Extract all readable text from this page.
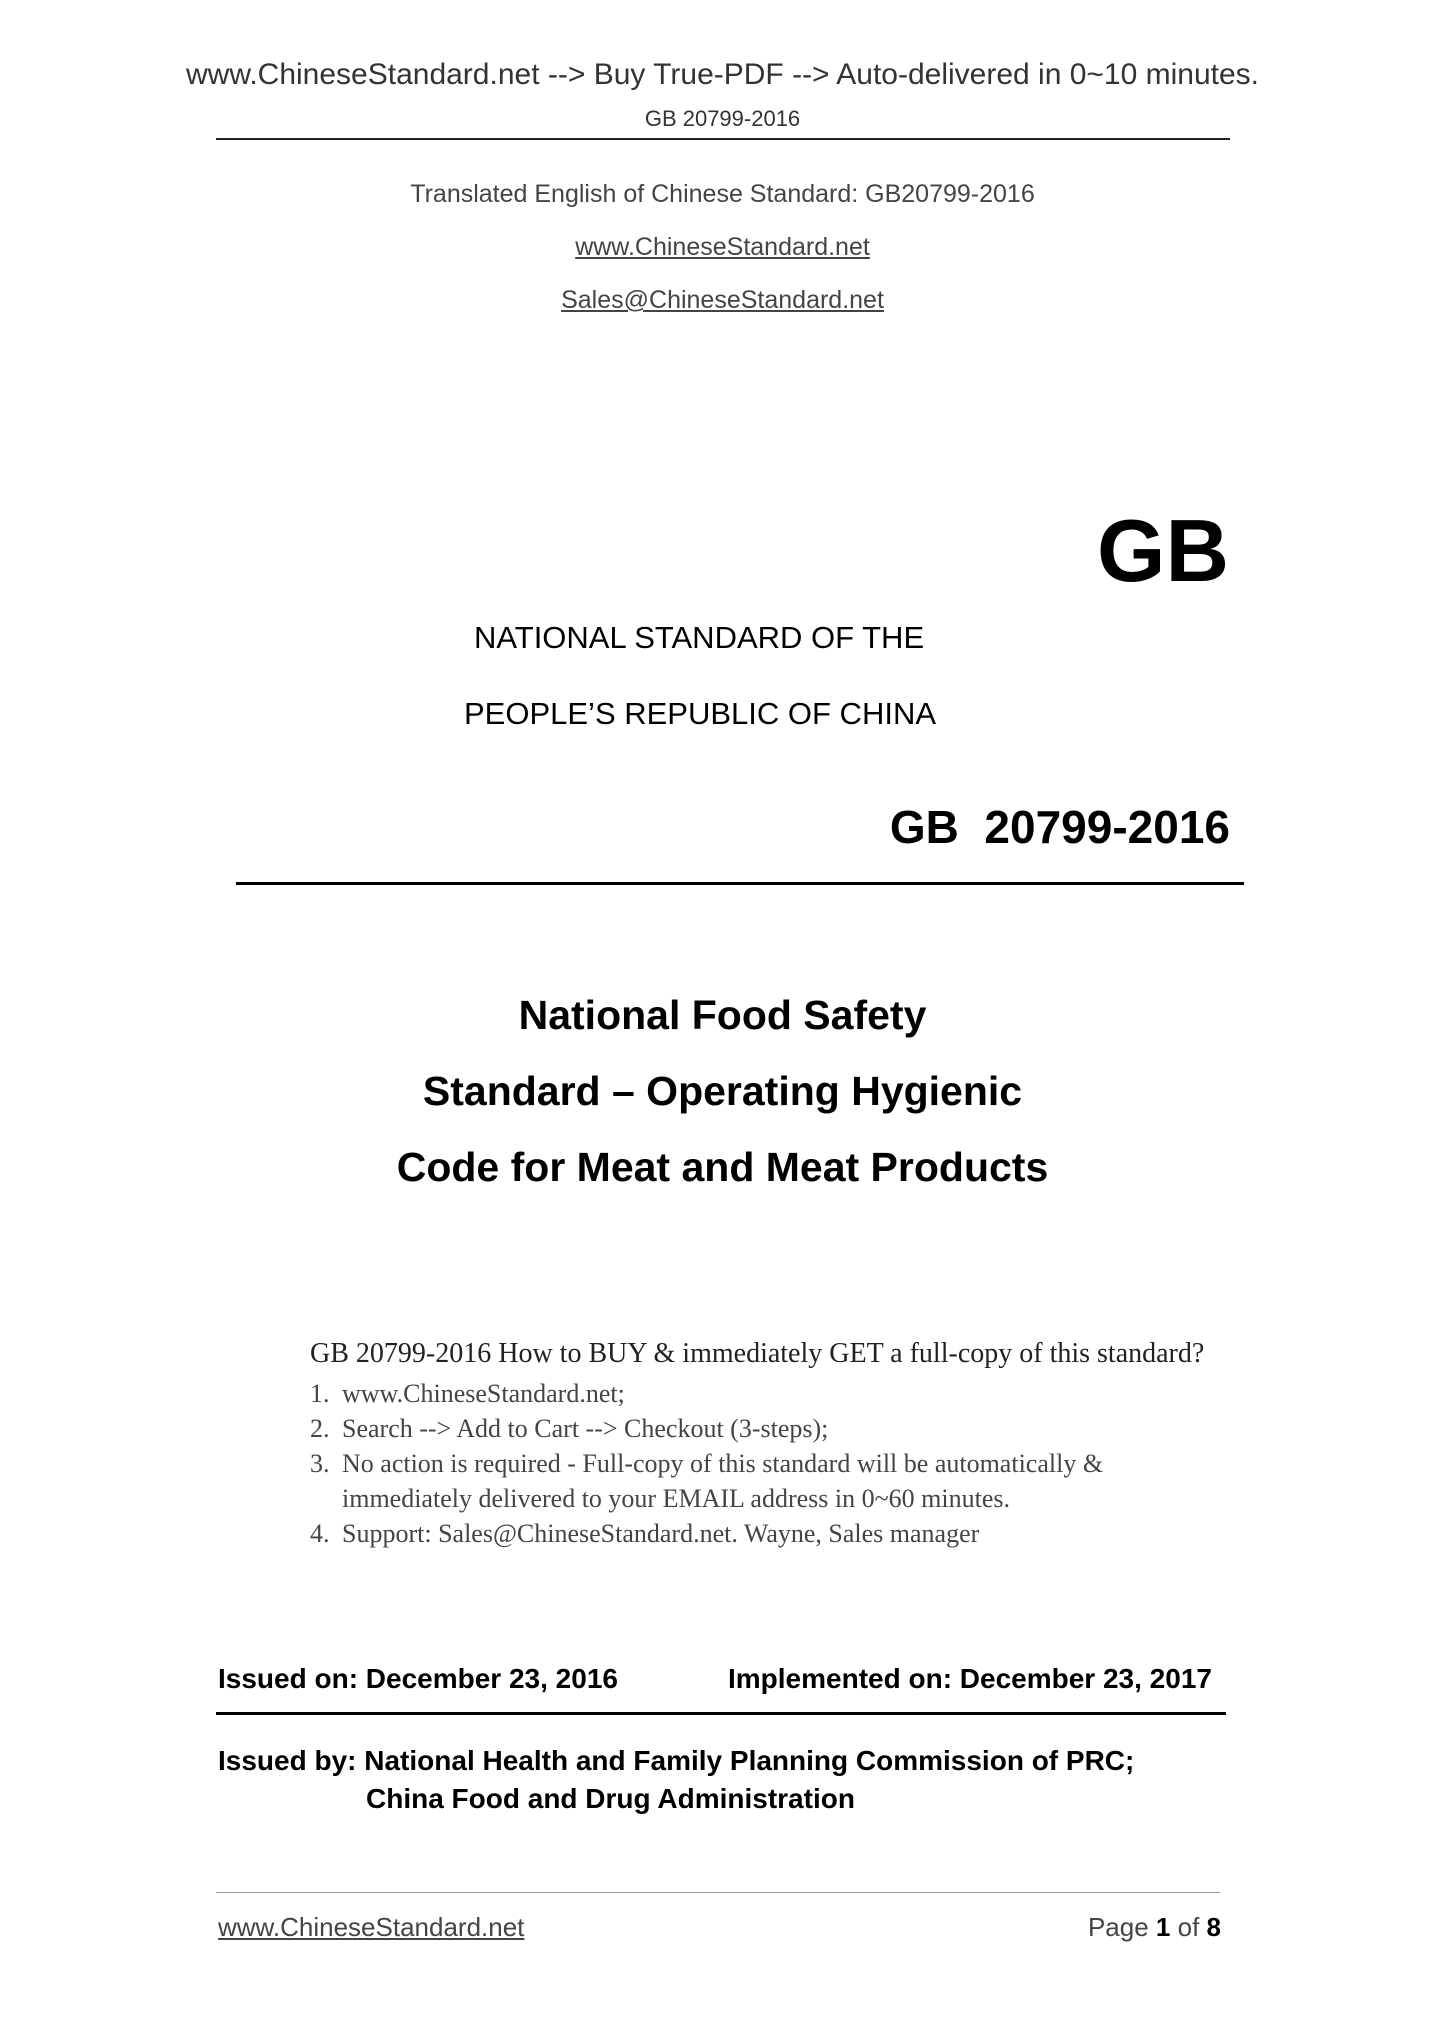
www.ChineseStandard.net --> Buy True-PDF --> Auto-delivered in 0~10 minutes.
GB 20799-2016
Translated English of Chinese Standard: GB20799-2016
www.ChineseStandard.net
Sales@ChineseStandard.net
GB
NATIONAL STANDARD OF THE
PEOPLE’S REPUBLIC OF CHINA
GB  20799-2016
National Food Safety
Standard – Operating Hygienic
Code for Meat and Meat Products
GB 20799-2016 How to BUY & immediately GET a full-copy of this standard?
1. www.ChineseStandard.net;
2. Search --> Add to Cart --> Checkout (3-steps);
3. No action is required - Full-copy of this standard will be automatically & immediately delivered to your EMAIL address in 0~60 minutes.
4. Support: Sales@ChineseStandard.net. Wayne, Sales manager
Issued on: December 23, 2016	Implemented on: December 23, 2017
Issued by: National Health and Family Planning Commission of PRC;
China Food and Drug Administration
www.ChineseStandard.net	Page 1 of 8
